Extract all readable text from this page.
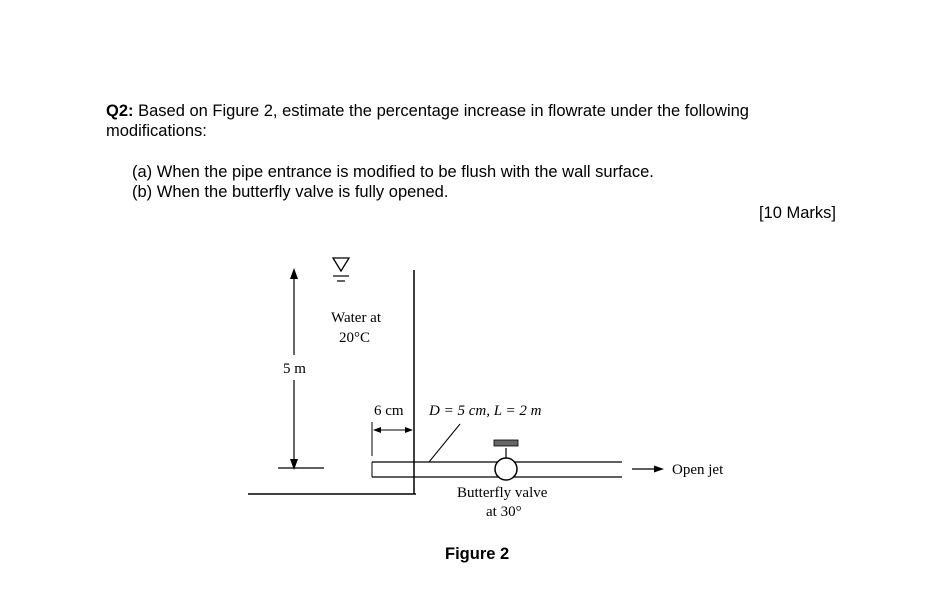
Q2: Based on Figure 2, estimate the percentage increase in flowrate under the following modifications:
(a) When the pipe entrance is modified to be flush with the wall surface.
(b) When the butterfly valve is fully opened.
[10 Marks]
Water at
20°C
5 m
6 cm D = 5 cm, L = 2 m
Butterfly valve
at 30°
Open jet
Figure 2
